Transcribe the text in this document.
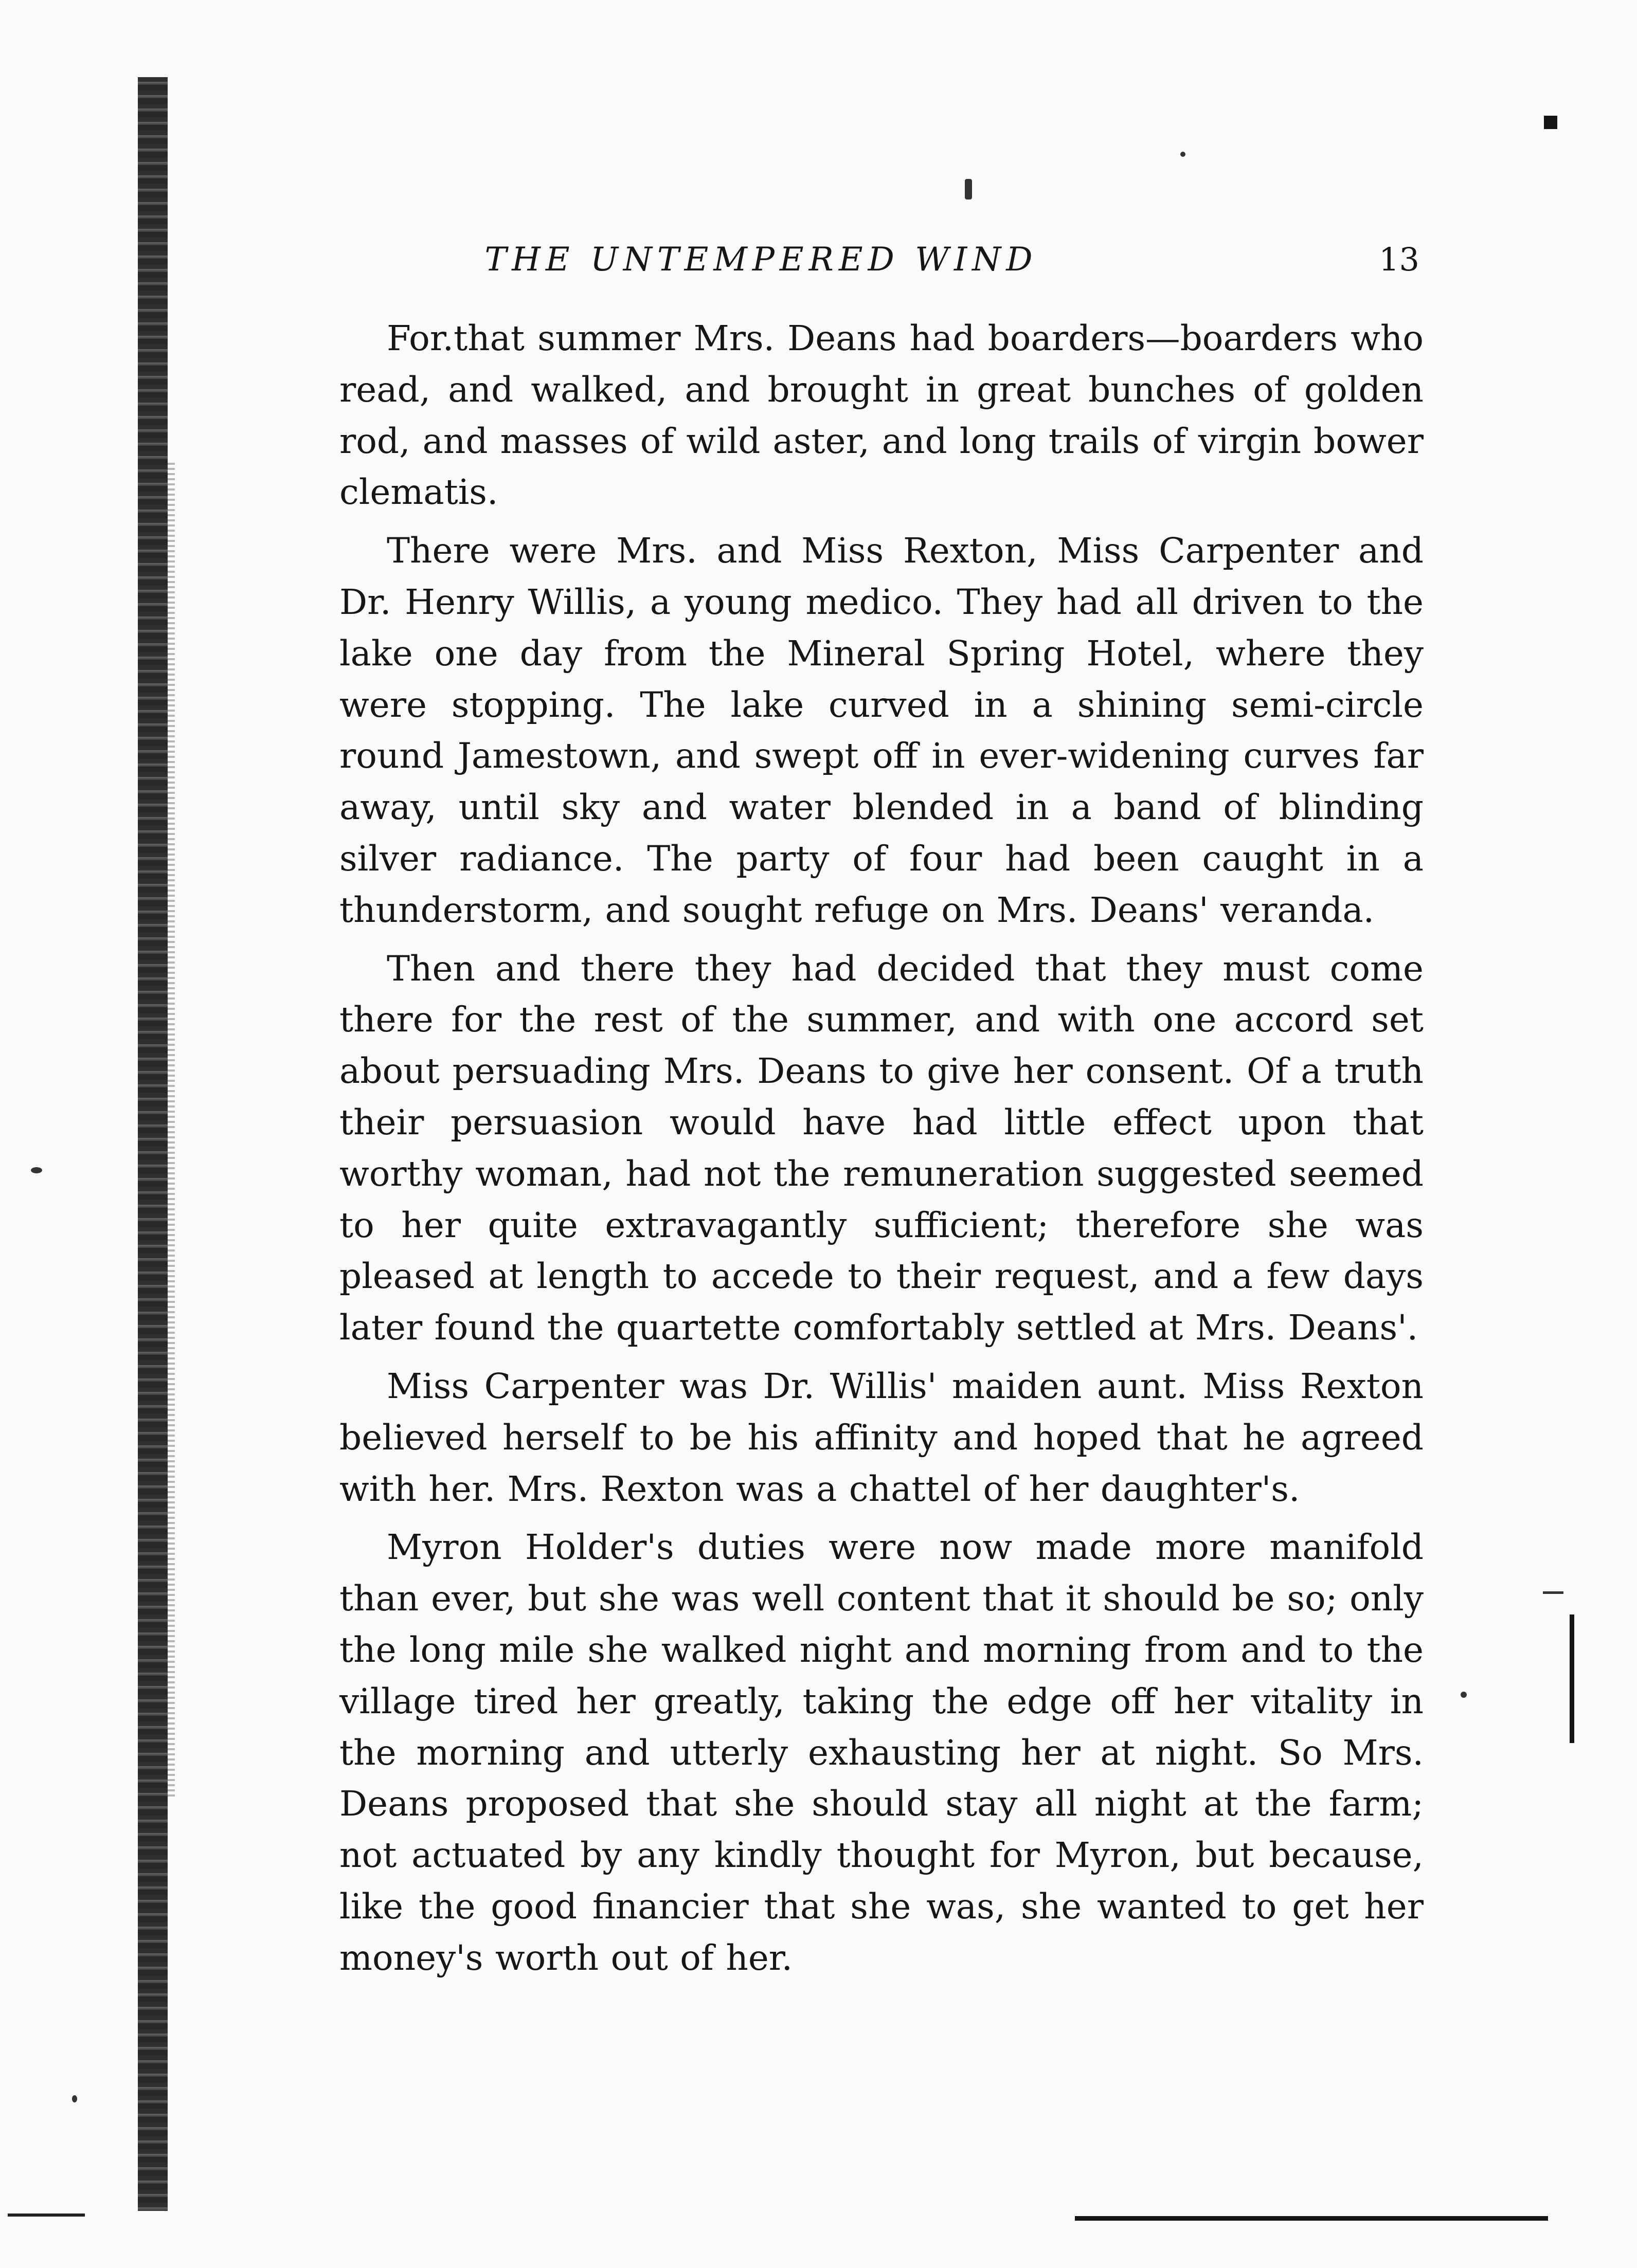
THE UNTEMPERED WIND	13

For.that summer Mrs. Deans had boarders—boarders who read, and walked, and brought in great bunches of golden rod, and masses of wild aster, and long trails of virgin bower clematis.

There were Mrs. and Miss Rexton, Miss Carpenter and Dr. Henry Willis, a young medico. They had all driven to the lake one day from the Mineral Spring Hotel, where they were stopping. The lake curved in a shining semi-circle round Jamestown, and swept off in ever-widening curves far away, until sky and water blended in a band of blinding silver radiance. The party of four had been caught in a thunderstorm, and sought refuge on Mrs. Deans' veranda.

Then and there they had decided that they must come there for the rest of the summer, and with one accord set about persuading Mrs. Deans to give her consent. Of a truth their persuasion would have had little effect upon that worthy woman, had not the remuneration suggested seemed to her quite extravagantly sufficient; therefore she was pleased at length to accede to their request, and a few days later found the quartette comfortably settled at Mrs. Deans'.

Miss Carpenter was Dr. Willis' maiden aunt. Miss Rexton believed herself to be his affinity and hoped that he agreed with her. Mrs. Rexton was a chattel of her daughter's.

Myron Holder's duties were now made more manifold than ever, but she was well content that it should be so; only the long mile she walked night and morning from and to the village tired her greatly, taking the edge off her vitality in the morning and utterly exhausting her at night. So Mrs. Deans proposed that she should stay all night at the farm; not actuated by any kindly thought for Myron, but because, like the good financier that she was, she wanted to get her money's worth out of her.
